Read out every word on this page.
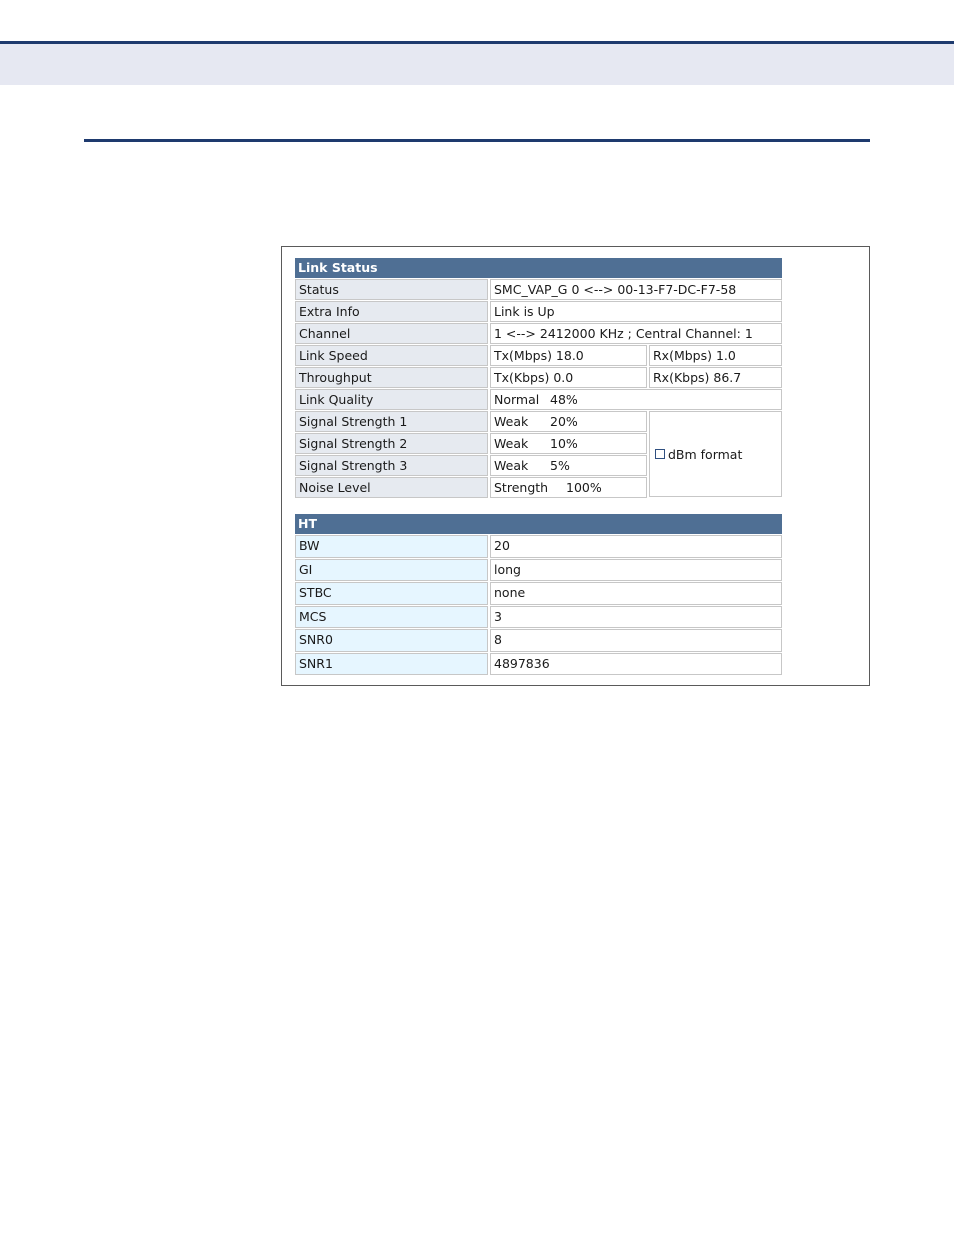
Link Status
Status	SMC_VAP_G 0 <--> 00-13-F7-DC-F7-58
Extra Info	Link is Up
Channel	1 <--> 2412000 KHz ; Central Channel: 1
Link Speed	Tx(Mbps) 18.0	Rx(Mbps) 1.0
Throughput	Tx(Kbps) 0.0	Rx(Kbps) 86.7
Link Quality	Normal 48%
Signal Strength 1	Weak 20%
Signal Strength 2	Weak 10%
Signal Strength 3	Weak 5%
Noise Level	Strength 100%
dBm format
HT
BW	20
GI	long
STBC	none
MCS	3
SNR0	8
SNR1	4897836
